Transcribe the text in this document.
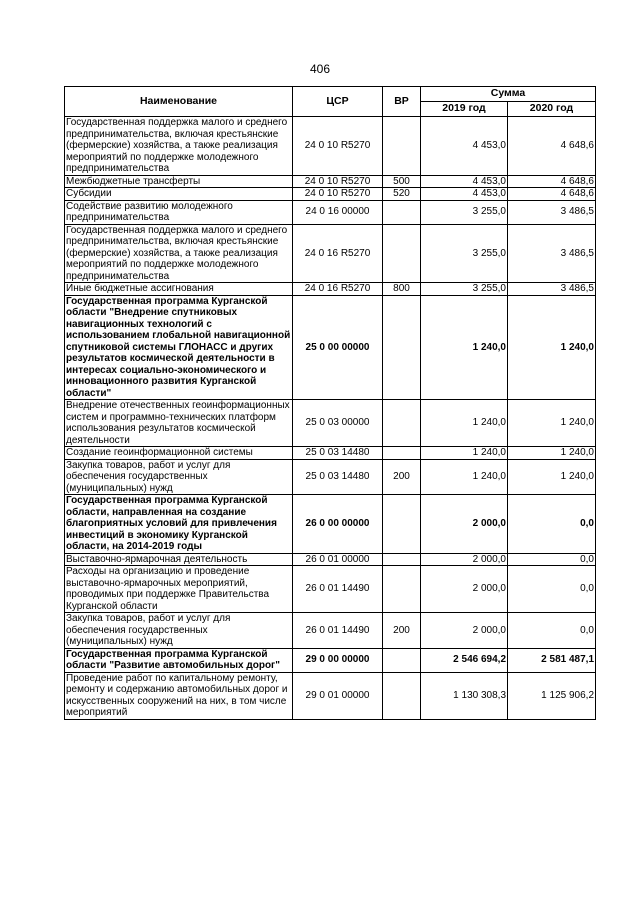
406
Наименование	ЦСР	ВР	Сумма	
			2019 год	2020 год
Государственная поддержка малого и среднего предпринимательства, включая крестьянские (фермерские) хозяйства, а также реализация мероприятий по поддержке молодежного предпринимательства	24 0 10 R5270		4 453,0	4 648,6
Межбюджетные трансферты	24 0 10 R5270	500	4 453,0	4 648,6
Субсидии	24 0 10 R5270	520	4 453,0	4 648,6
Содействие развитию молодежного предпринимательства	24 0 16 00000		3 255,0	3 486,5
Государственная поддержка малого и среднего предпринимательства, включая крестьянские (фермерские) хозяйства, а также реализация мероприятий по поддержке молодежного предпринимательства	24 0 16 R5270		3 255,0	3 486,5
Иные бюджетные ассигнования	24 0 16 R5270	800	3 255,0	3 486,5
Государственная программа Курганской области "Внедрение спутниковых навигационных технологий с использованием глобальной навигационной спутниковой системы ГЛОНАСС и других результатов космической деятельности в интересах социально-экономического и инновационного развития Курганской области"	25 0 00 00000		1 240,0	1 240,0
Внедрение отечественных геоинформационных систем и программно-технических платформ использования результатов космической деятельности	25 0 03 00000		1 240,0	1 240,0
Создание геоинформационной системы	25 0 03 14480		1 240,0	1 240,0
Закупка товаров, работ и услуг для обеспечения государственных (муниципальных) нужд	25 0 03 14480	200	1 240,0	1 240,0
Государственная программа Курганской области, направленная на создание благоприятных условий для привлечения инвестиций в экономику Курганской области, на 2014-2019 годы	26 0 00 00000		2 000,0	0,0
Выставочно-ярмарочная деятельность	26 0 01 00000		2 000,0	0,0
Расходы на организацию и проведение выставочно-ярмарочных мероприятий, проводимых при поддержке Правительства Курганской области	26 0 01 14490		2 000,0	0,0
Закупка товаров, работ и услуг для обеспечения государственных (муниципальных) нужд	26 0 01 14490	200	2 000,0	0,0
Государственная программа Курганской области "Развитие автомобильных дорог"	29 0 00 00000		2 546 694,2	2 581 487,1
Проведение работ по капитальному ремонту, ремонту и содержанию автомобильных дорог и искусственных сооружений на них, в том числе мероприятий	29 0 01 00000		1 130 308,3	1 125 906,2
